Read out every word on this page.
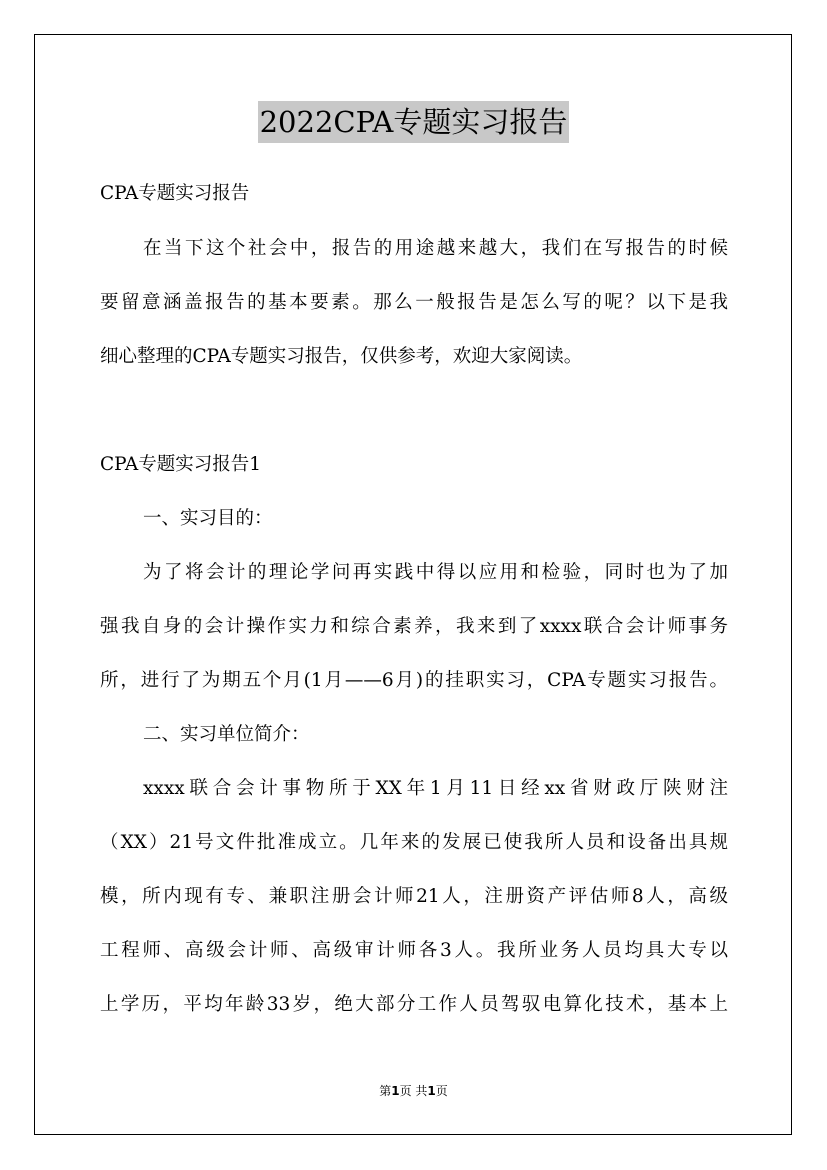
2022CPA专题实习报告
CPA专题实习报告
在当下这个社会中，报告的用途越来越大，我们在写报告的时候
要留意涵盖报告的基本要素。那么一般报告是怎么写的呢？以下是我
细心整理的CPA专题实习报告，仅供参考，欢迎大家阅读。
CPA专题实习报告1
一、实习目的：
为了将会计的理论学问再实践中得以应用和检验，同时也为了加
强我自身的会计操作实力和综合素养，我来到了xxxx联合会计师事务
所，进行了为期五个月(1月——6月)的挂职实习，CPA专题实习报告。
二、实习单位简介：
xxxx联合会计事物所于XX年1月11日经xx省财政厅陕财注
（XX）21号文件批准成立。几年来的发展已使我所人员和设备出具规
模，所内现有专、兼职注册会计师21人，注册资产评估师8人，高级
工程师、高级会计师、高级审计师各3人。我所业务人员均具大专以
上学历，平均年龄33岁，绝大部分工作人员驾驭电算化技术，基本上
第1页 共1页
